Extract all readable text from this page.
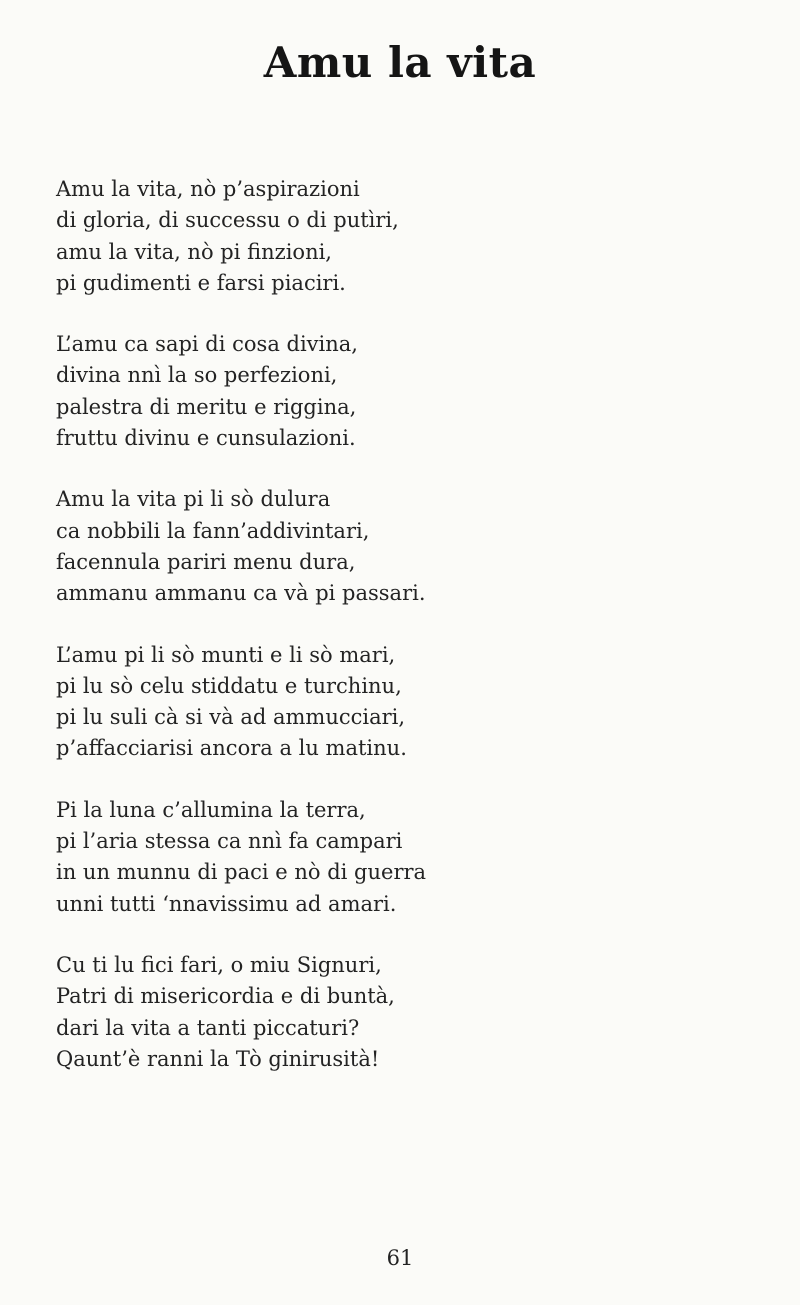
Amu la vita
Amu la vita, nò p’aspirazioni
di gloria, di successu o di putìri,
amu la vita, nò pi finzioni,
pi gudimenti e farsi piaciri.
L’amu ca sapi di cosa divina,
divina nnì la so perfezioni,
palestra di meritu e riggina,
fruttu divinu e cunsulazioni.
Amu la vita pi li sò dulura
ca nobbili la fann’addivintari,
facennula pariri menu dura,
ammanu ammanu ca và pi passari.
L’amu pi li sò munti e li sò mari,
pi lu sò celu stiddatu e turchinu,
pi lu suli cà si và ad ammucciari,
p’affacciarisi ancora a lu matinu.
Pi la luna c’allumina la terra,
pi l’aria stessa ca nnì fa campari
in un munnu di paci e nò di guerra
unni tutti ‘nnavissimu ad amari.
Cu ti lu fici fari, o miu Signuri,
Patri di misericordia e di buntà,
dari la vita a tanti piccaturi?
Qaunt’è ranni la Tò ginirusità!
61
